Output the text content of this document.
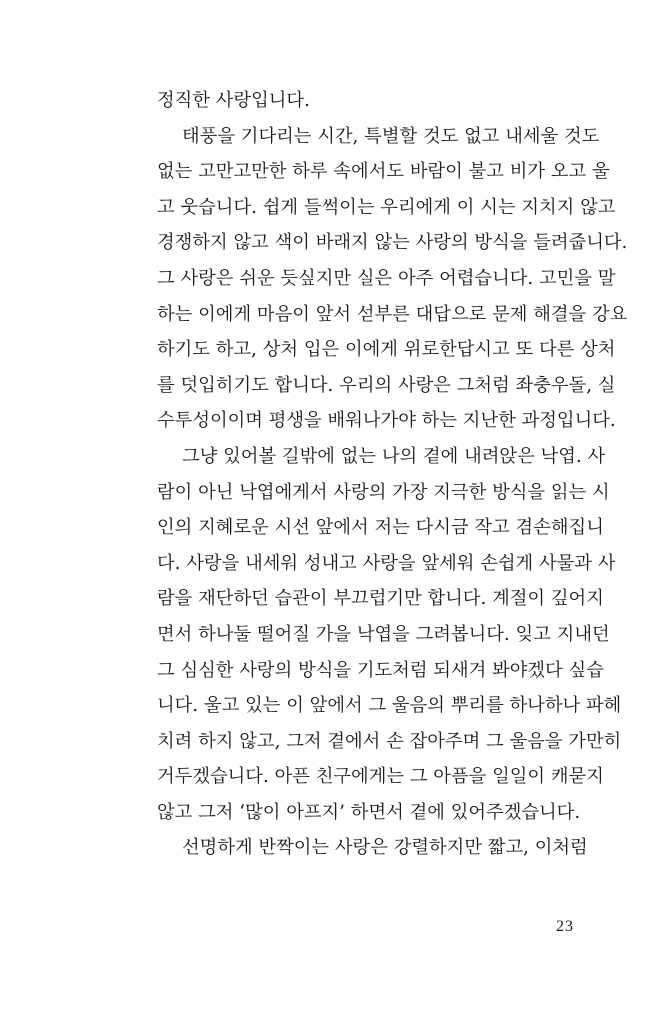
정직한 사랑입니다.
태풍을 기다리는 시간, 특별할 것도 없고 내세울 것도
없는 고만고만한 하루 속에서도 바람이 불고 비가 오고 울
고 웃습니다. 쉽게 들썩이는 우리에게 이 시는 지치지 않고
경쟁하지 않고 색이 바래지 않는 사랑의 방식을 들려줍니다.
그 사랑은 쉬운 듯싶지만 실은 아주 어렵습니다. 고민을 말
하는 이에게 마음이 앞서 섣부른 대답으로 문제 해결을 강요
하기도 하고, 상처 입은 이에게 위로한답시고 또 다른 상처
를 덧입히기도 합니다. 우리의 사랑은 그처럼 좌충우돌, 실
수투성이이며 평생을 배워나가야 하는 지난한 과정입니다.
그냥 있어볼 길밖에 없는 나의 곁에 내려앉은 낙엽. 사
람이 아닌 낙엽에게서 사랑의 가장 지극한 방식을 읽는 시
인의 지혜로운 시선 앞에서 저는 다시금 작고 겸손해집니
다. 사랑을 내세워 성내고 사랑을 앞세워 손쉽게 사물과 사
람을 재단하던 습관이 부끄럽기만 합니다. 계절이 깊어지
면서 하나둘 떨어질 가을 낙엽을 그려봅니다. 잊고 지내던
그 심심한 사랑의 방식을 기도처럼 되새겨 봐야겠다 싶습
니다. 울고 있는 이 앞에서 그 울음의 뿌리를 하나하나 파헤
치려 하지 않고, 그저 곁에서 손 잡아주며 그 울음을 가만히
거두겠습니다. 아픈 친구에게는 그 아픔을 일일이 캐묻지
않고 그저 ‘많이 아프지’ 하면서 곁에 있어주겠습니다.
선명하게 반짝이는 사랑은 강렬하지만 짧고, 이처럼
23
